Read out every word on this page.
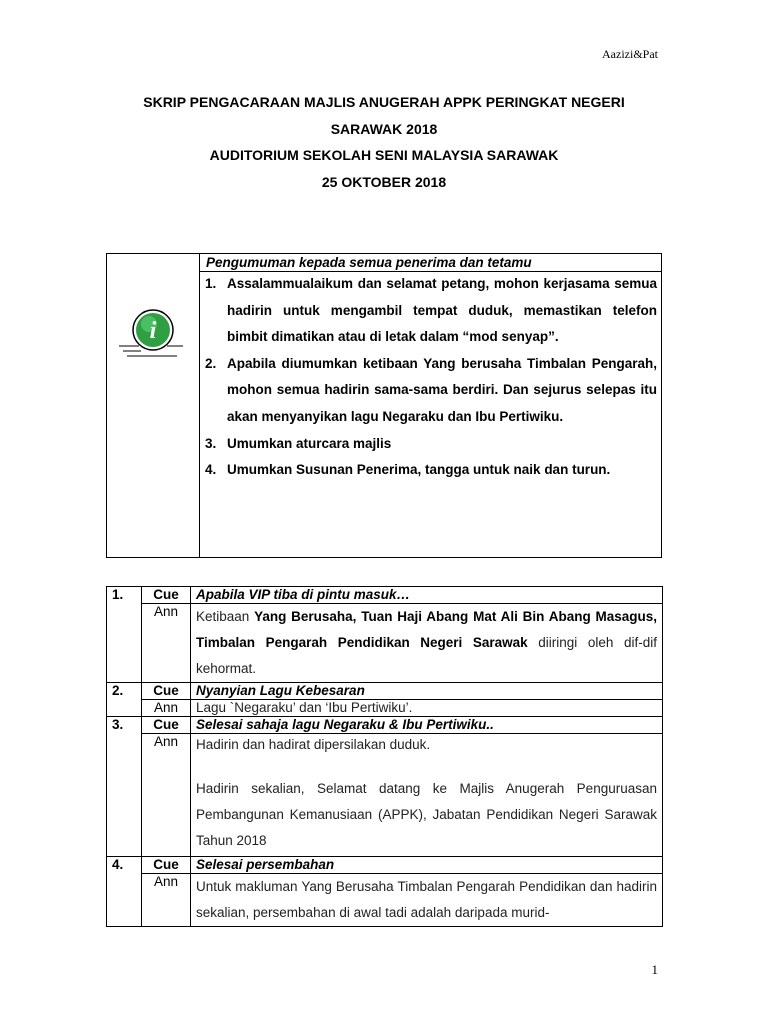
Aazizi&Pat
SKRIP PENGACARAAN MAJLIS ANUGERAH APPK PERINGKAT NEGERI
SARAWAK 2018
AUDITORIUM SEKOLAH SENI MALAYSIA SARAWAK
25 OKTOBER 2018
i
Pengumuman kepada semua penerima dan tetamu
1. Assalammualaikum dan selamat petang, mohon kerjasama semua hadirin untuk mengambil tempat duduk, memastikan telefon bimbit dimatikan atau di letak dalam “mod senyap”.
2. Apabila diumumkan ketibaan Yang berusaha Timbalan Pengarah, mohon semua hadirin sama-sama berdiri. Dan sejurus selepas itu akan menyanyikan lagu Negaraku dan Ibu Pertiwiku.
3. Umumkan aturcara majlis
4. Umumkan Susunan Penerima, tangga untuk naik dan turun.
1.	Cue	Apabila VIP tiba di pintu masuk…
	Ann	Ketibaan Yang Berusaha, Tuan Haji Abang Mat Ali Bin Abang Masagus, Timbalan Pengarah Pendidikan Negeri Sarawak diiringi oleh dif-dif kehormat.
2.	Cue	Nyanyian Lagu Kebesaran
	Ann	Lagu `Negaraku’ dan ‘Ibu Pertiwiku’.
3.	Cue	Selesai sahaja lagu Negaraku & Ibu Pertiwiku..
	Ann	Hadirin dan hadirat dipersilakan duduk.
Hadirin sekalian, Selamat datang ke Majlis Anugerah Penguruasan Pembangunan Kemanusiaan (APPK), Jabatan Pendidikan Negeri Sarawak Tahun 2018

4.	Cue	Selesai persembahan
	Ann	Untuk makluman Yang Berusaha Timbalan Pengarah Pendidikan dan hadirin sekalian, persembahan di awal tadi adalah daripada murid-
1
